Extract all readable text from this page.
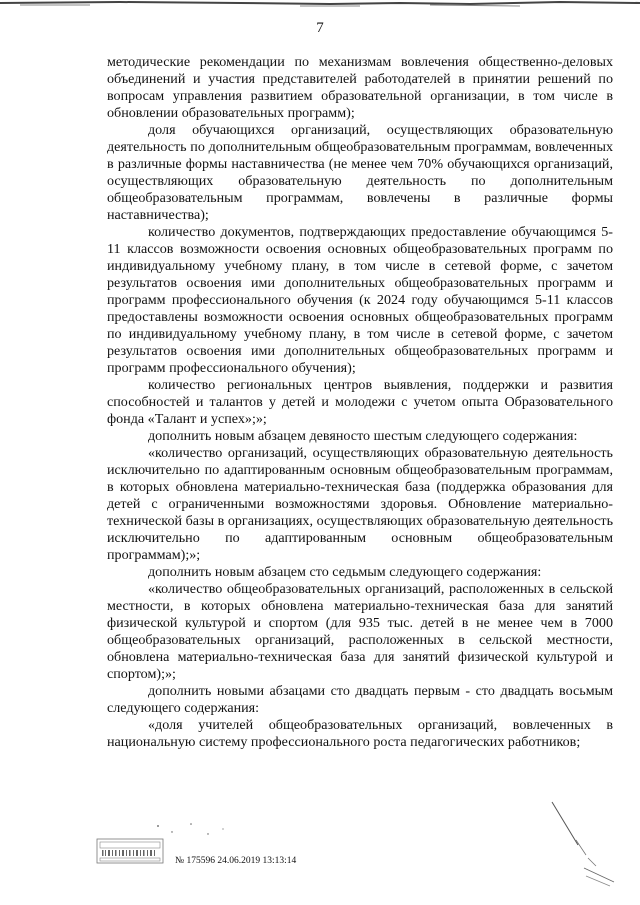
7

методические рекомендации по механизмам вовлечения общественно-деловых объединений и участия представителей работодателей в принятии решений по вопросам управления развитием образовательной организации, в том числе в обновлении образовательных программ);

доля обучающихся организаций, осуществляющих образовательную деятельность по дополнительным общеобразовательным программам, вовлеченных в различные формы наставничества (не менее чем 70% обучающихся организаций, осуществляющих образовательную деятельность по дополнительным общеобразовательным программам, вовлечены в различные формы наставничества);

количество документов, подтверждающих предоставление обучающимся 5-11 классов возможности освоения основных общеобразовательных программ по индивидуальному учебному плану, в том числе в сетевой форме, с зачетом результатов освоения ими дополнительных общеобразовательных программ и программ профессионального обучения (к 2024 году обучающимся 5-11 классов предоставлены возможности освоения основных общеобразовательных программ по индивидуальному учебному плану, в том числе в сетевой форме, с зачетом результатов освоения ими дополнительных общеобразовательных программ и программ профессионального обучения);

количество региональных центров выявления, поддержки и развития способностей и талантов у детей и молодежи с учетом опыта Образовательного фонда «Талант и успех»;»;

дополнить новым абзацем девяносто шестым следующего содержания:

«количество организаций, осуществляющих образовательную деятельность исключительно по адаптированным основным общеобразовательным программам, в которых обновлена материально-техническая база (поддержка образования для детей с ограниченными возможностями здоровья. Обновление материально-технической базы в организациях, осуществляющих образовательную деятельность исключительно по адаптированным основным общеобразовательным программам);»;

дополнить новым абзацем сто седьмым следующего содержания:

«количество общеобразовательных организаций, расположенных в сельской местности, в которых обновлена материально-техническая база для занятий физической культурой и спортом (для 935 тыс. детей в не менее чем в 7000 общеобразовательных организаций, расположенных в сельской местности, обновлена материально-техническая база для занятий физической культурой и спортом);»;

дополнить новыми абзацами сто двадцать первым - сто двадцать восьмым следующего содержания:

«доля учителей общеобразовательных организаций, вовлеченных в национальную систему профессионального роста педагогических работников;

№ 175596 24.06.2019 13:13:14
